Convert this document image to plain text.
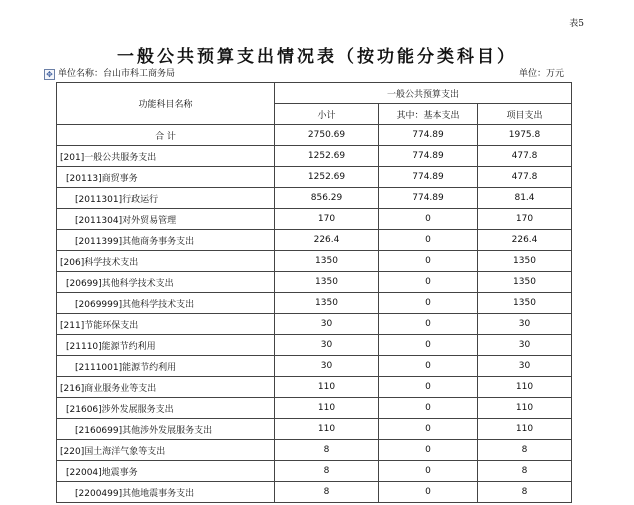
表5
一般公共预算支出情况表（按功能分类科目）
✥ 单位名称：台山市科工商务局	单位：万元
功能科目名称	一般公共预算支出		
	小计	其中：基本支出	项目支出
合 计	2750.69	774.89	1975.8
[201]一般公共服务支出	1252.69	774.89	477.8
[20113]商贸事务	1252.69	774.89	477.8
[2011301]行政运行	856.29	774.89	81.4
[2011304]对外贸易管理	170	0	170
[2011399]其他商务事务支出	226.4	0	226.4
[206]科学技术支出	1350	0	1350
[20699]其他科学技术支出	1350	0	1350
[2069999]其他科学技术支出	1350	0	1350
[211]节能环保支出	30	0	30
[21110]能源节约利用	30	0	30
[2111001]能源节约利用	30	0	30
[216]商业服务业等支出	110	0	110
[21606]涉外发展服务支出	110	0	110
[2160699]其他涉外发展服务支出	110	0	110
[220]国土海洋气象等支出	8	0	8
[22004]地震事务	8	0	8
[2200499]其他地震事务支出	8	0	8
